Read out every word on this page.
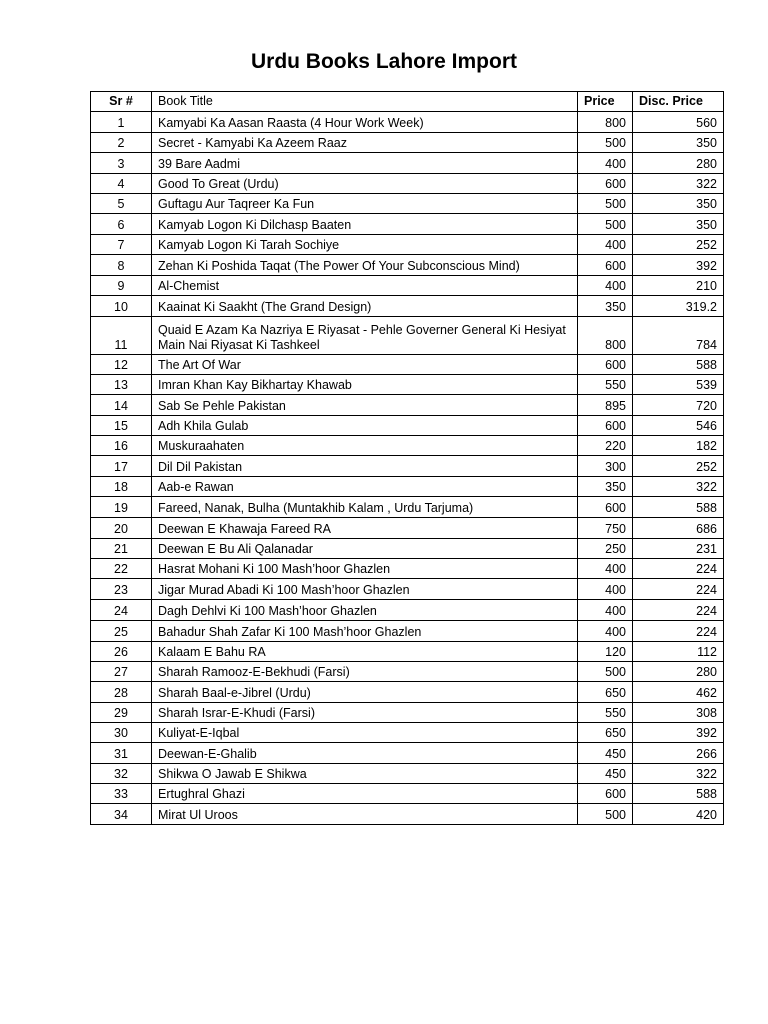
Urdu Books Lahore Import
Sr #	Book Title	Price	Disc. Price
1	Kamyabi Ka Aasan Raasta (4 Hour Work Week)	800	560
2	Secret - Kamyabi Ka Azeem Raaz	500	350
3	39 Bare Aadmi	400	280
4	Good To Great (Urdu)	600	322
5	Guftagu Aur Taqreer Ka Fun	500	350
6	Kamyab Logon Ki Dilchasp Baaten	500	350
7	Kamyab Logon Ki Tarah Sochiye	400	252
8	Zehan Ki Poshida Taqat (The Power Of Your Subconscious Mind)	600	392
9	Al-Chemist	400	210
10	Kaainat Ki Saakht (The Grand Design)	350	319.2
11	Quaid E Azam Ka Nazriya E Riyasat - Pehle Governer General Ki Hesiyat
Main Nai Riyasat Ki Tashkeel	800	784
12	The Art Of War	600	588
13	Imran Khan Kay Bikhartay Khawab	550	539
14	Sab Se Pehle Pakistan	895	720
15	Adh Khila Gulab	600	546
16	Muskuraahaten	220	182
17	Dil Dil Pakistan	300	252
18	Aab-e Rawan	350	322
19	Fareed, Nanak, Bulha (Muntakhib Kalam , Urdu Tarjuma)	600	588
20	Deewan E Khawaja Fareed RA	750	686
21	Deewan E Bu Ali Qalanadar	250	231
22	Hasrat Mohani Ki 100 Mash’hoor Ghazlen	400	224
23	Jigar Murad Abadi Ki 100 Mash’hoor Ghazlen	400	224
24	Dagh Dehlvi Ki 100 Mash’hoor Ghazlen	400	224
25	Bahadur Shah Zafar Ki 100 Mash’hoor Ghazlen	400	224
26	Kalaam E Bahu RA	120	112
27	Sharah Ramooz-E-Bekhudi (Farsi)	500	280
28	Sharah Baal-e-Jibrel (Urdu)	650	462
29	Sharah Israr-E-Khudi (Farsi)	550	308
30	Kuliyat-E-Iqbal	650	392
31	Deewan-E-Ghalib	450	266
32	Shikwa O Jawab E Shikwa	450	322
33	Ertughral Ghazi	600	588
34	Mirat Ul Uroos	500	420
